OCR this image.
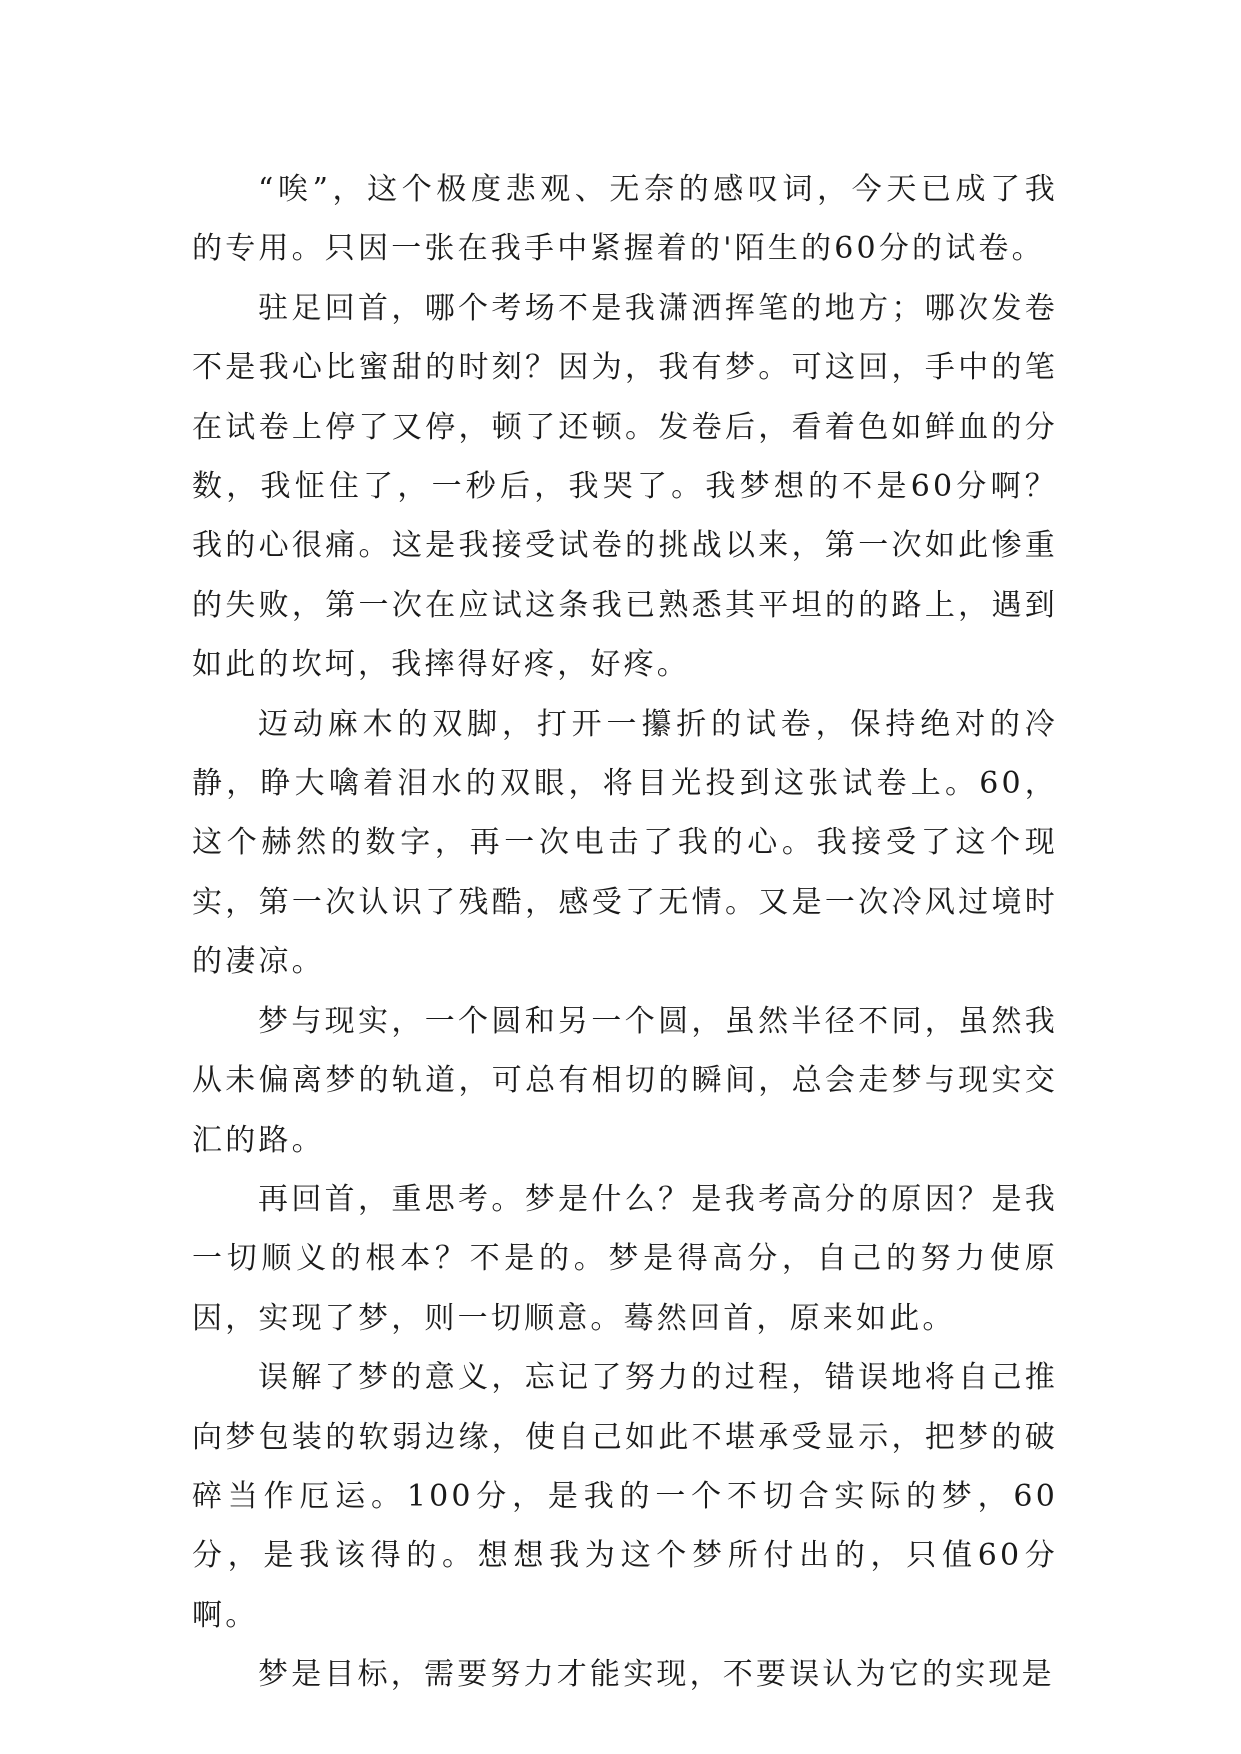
“唉”，这个极度悲观、无奈的感叹词，今天已成了我的专用。只因一张在我手中紧握着的'陌生的60分的试卷。

驻足回首，哪个考场不是我潇洒挥笔的地方；哪次发卷不是我心比蜜甜的时刻？因为，我有梦。可这回，手中的笔在试卷上停了又停，顿了还顿。发卷后，看着色如鲜血的分数，我怔住了，一秒后，我哭了。我梦想的不是60分啊？我的心很痛。这是我接受试卷的挑战以来，第一次如此惨重的失败，第一次在应试这条我已熟悉其平坦的的路上，遇到如此的坎坷，我摔得好疼，好疼。

迈动麻木的双脚，打开一攥折的试卷，保持绝对的冷静，睁大噙着泪水的双眼，将目光投到这张试卷上。60，这个赫然的数字，再一次电击了我的心。我接受了这个现实，第一次认识了残酷，感受了无情。又是一次冷风过境时的凄凉。

梦与现实，一个圆和另一个圆，虽然半径不同，虽然我从未偏离梦的轨道，可总有相切的瞬间，总会走梦与现实交汇的路。

再回首，重思考。梦是什么？是我考高分的原因？是我一切顺义的根本？不是的。梦是得高分，自己的努力使原因，实现了梦，则一切顺意。蓦然回首，原来如此。

误解了梦的意义，忘记了努力的过程，错误地将自己推向梦包装的软弱边缘，使自己如此不堪承受显示，把梦的破碎当作厄运。100分，是我的一个不切合实际的梦，60分，是我该得的。想想我为这个梦所付出的，只值60分啊。

梦是目标，需要努力才能实现，不要误认为它的实现是
